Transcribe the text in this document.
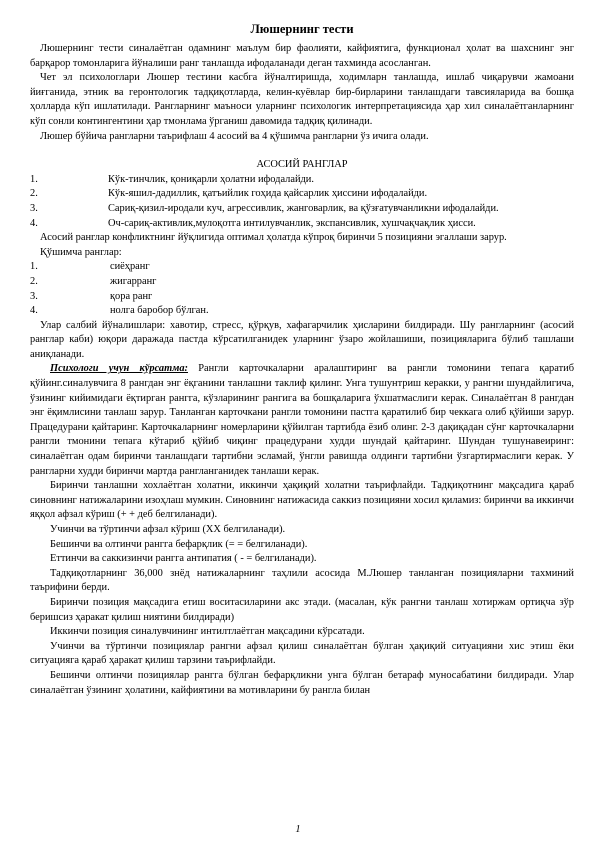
Люшернинг тести

Люшернинг тести синалаётган одамнинг маълум бир фаолияти, кайфиятига, функционал ҳолат ва шахснинг энг барқарор томонларига йўналиши ранг танлашда ифодаланади деган тахминда асосланган.

Чет эл психологлари Люшер тестини касбга йўналтиришда, ходимларн танлашда, ишлаб чиқарувчи жамоани йиғганида, этник ва геронтологик тадқиқотларда, келин-куёвлар бир-бирларини танлашдаги тавсияларида ва бошқа ҳолларда кўп ишлатилади. Рангларнинг маъноси уларнинг психологик интерпретациясида ҳар хил синалаётганларнинг кўп сонли контингентини ҳар тмонлама ўрганиш давомида тадқиқ қилинади.

Люшер бўйича рангларни таърифлаш 4 асосий ва 4 қўшимча рангларни ўз ичига олади.

АСОСИЙ РАНГЛАР
1.	Кўк-тинчлик, қониқарли ҳолатни ифодалайди.
2.	Кўк-яшил-дадиллик, қатъийлик гоҳида қайсарлик ҳиссини ифодалайди.
3.	Сариқ-қизил-иродали куч, агрессивлик, жанговарлик, ва қўзғатувчанликни ифодалайди.
4.	Оч-сариқ-активлик,мулоқотга интилувчанлик, экспансивлик, хушчақчақлик ҳисси.

Асосий ранглар конфликтнинг йўқлигида оптимал ҳолатда кўпроқ биринчи 5 позицияни эгаллаши зарур.

Қўшимча ранглар:

1.	сиёҳранг
2.	жигарранг
3.	қора ранг
4.	нолга баробор бўлган.

Улар салбий йўналишлари: хавотир, стресс, қўрқув, хафагарчилик ҳисларини билдиради. Шу рангларнинг (асосий ранглар каби) юқори даражада пастда кўрсатилганидек уларнинг ўзаро жойлашиши, позицияларига бўлиб ташлаши аниқланади.

Психологи учун кўрсатма: Рангли карточкаларни аралаштиринг ва рангли томонини тепага қаратиб қўйинг.синалувчига 8 рангдан энг ёқганини танлашни таклиф қилинг. Унга тушунтриш керакки, у рангни шундайлигича, ўзининг кийимидаги ёқтирган рангга, кўзларининг рангига ва бошқаларига ўхшатмаслиги керак. Синалаётган 8 рангдан энг ёқимлисини танлаш зарур. Танланган карточкани рангли томонини пастга қаратилиб бир чеккага олиб қўйиши зарур. Працедурани қайтаринг. Карточкаларнинг номерларини қўйилган тартибда ёзиб олинг. 2-3 дақиқадан сўнг карточкаларни рангли тмонини тепага кўтариб қўйиб чиқинг працедурани худди шундай қайтаринг. Шундан тушунавеиринг: синалаётган одам биринчи танлашдаги тартибни эсламай, ўнгли равишда олдинги тартибни ўзгартирмаслиги керак. У рангларни худди биринчи мартда рангланганидек танлаши керак.

Биринчи танлашни хохлаётган холатни, иккинчи ҳақиқий холатни таърифлайди. Тадқиқотнинг мақсадига қараб синовнинг натижаларини изоҳлаш мумкин. Синовнинг натижасида саккиз позицияни хосил қиламиз: биринчи ва иккинчи яққол афзал кўриш (+ + деб белгиланади).

Учинчи ва тўртинчи афзал кўриш (ХХ белгиланади).

Бешинчи ва олтинчи рангга бефарқлик (= = белгиланади).

Еттинчи ва саккизинчи рангга антипатия ( - = белгиланади).

Тадқиқотларнинг 36,000 знёд натижаларнинг таҳлили асосида М.Люшер танланган позицияларни тахминий таърифини берди.

Биринчи позиция мақсадига етиш воситасиларини акс этади. (масалан, кўк рангни танлаш хотиржам ортиқча зўр беришсиз ҳаракат қилиш ниятини билдиради)

Иккинчи позиция синалувчининг интилтлаётган мақсадини кўрсатади.

Учинчи ва тўртинчи позициялар рангни афзал қилиш синалаётган бўлган ҳақиқий ситуацияни хис этиш ёки ситуацияга қараб ҳаракат қилиш тарзини таърифлайди.

Бешинчи олтинчи позициялар рангга бўлган бефарқликни унга бўлган бетараф муносабатини билдиради. Улар синалаётган ўзининг ҳолатини, кайфиятини ва мотивларини бу рангла билан

1
